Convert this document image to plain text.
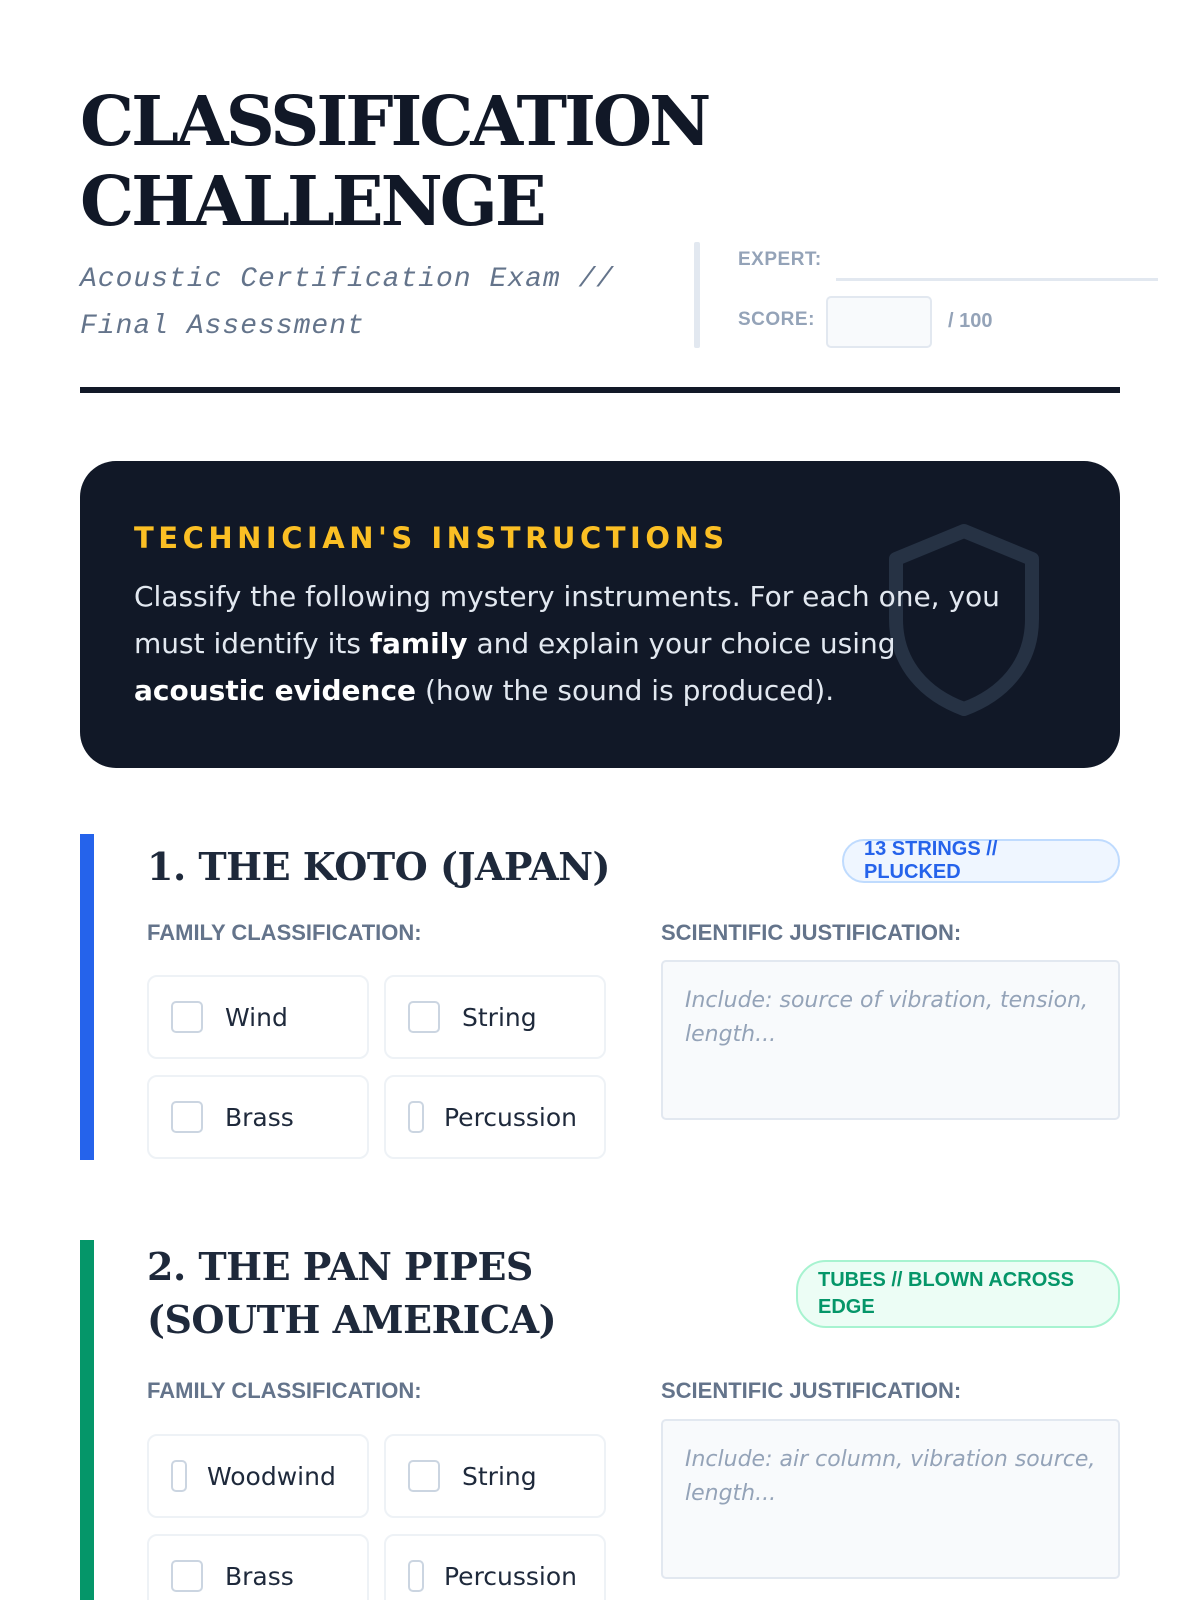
CLASSIFICATION
CHALLENGE
Acoustic Certification Exam // Final Assessment
EXPERT:
SCORE:	/ 100
TECHNICIAN'S INSTRUCTIONS

Classify the following mystery instruments. For each one, you must identify its family and explain your choice using acoustic evidence (how the sound is produced).

1. THE KOTO (JAPAN)	13 STRINGS // PLUCKED
FAMILY CLASSIFICATION:	SCIENTIFIC JUSTIFICATION:
Wind	String
Brass	Percussion
Include: source of vibration, tension, length...
2. THE PAN PIPES (SOUTH AMERICA)
TUBES // BLOWN ACROSS EDGE
FAMILY CLASSIFICATION:	SCIENTIFIC JUSTIFICATION:
Woodwind	String
Brass	Percussion
Include: air column, vibration source, length...
